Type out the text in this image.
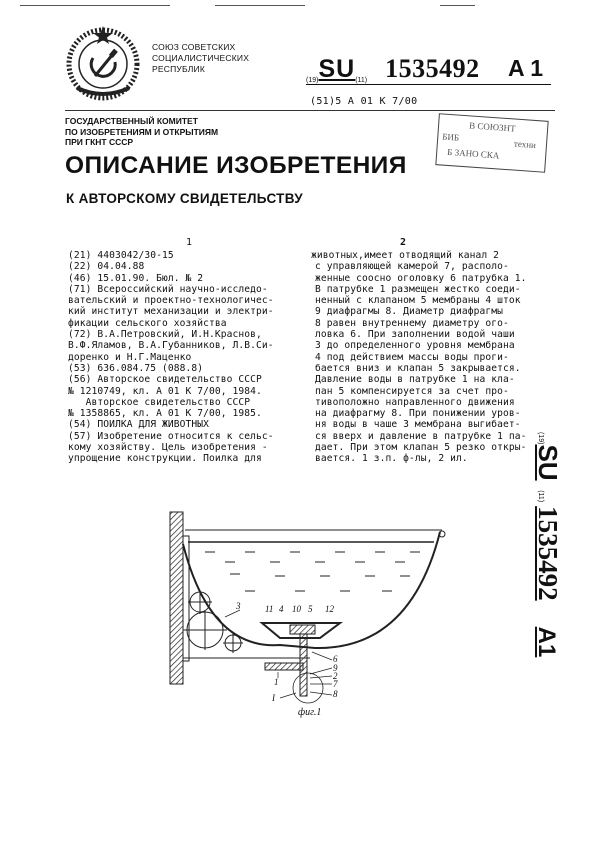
СОЮЗ СОВЕТСКИХ
СОЦИАЛИСТИЧЕСКИХ
РЕСПУБЛИК
(19)SU(11) 1535492 A 1
(51)5 A 01 K 7/00
ГОСУДАРСТВЕННЫЙ КОМИТЕТ
ПО ИЗОБРЕТЕНИЯМ И ОТКРЫТИЯМ
ПРИ ГКНТ СССР
В СОЮЗНТ
БИБ
техни
Б ЗАНО СКА
ОПИСАНИЕ ИЗОБРЕТЕНИЯ
К АВТОРСКОМУ СВИДЕТЕЛЬСТВУ
1	2
(21) 4403042/30-15
(22) 04.04.88
(46) 15.01.90. Бюл. № 2
(71) Всероссийский научно-исследо-
вательский и проектно-технологичес-
кий институт механизации и электри-
фикации сельского хозяйства
(72) В.А.Петровский, И.Н.Краснов,
В.Ф.Яламов, В.А.Губанников, Л.В.Си-
доренко и Н.Г.Маценко
(53) 636.084.75 (088.8)
(56) Авторское свидетельство СССР
№ 1210749, кл. A 01 K 7/00, 1984.
Авторское свидетельство СССР
№ 1358865, кл. A 01 K 7/00, 1985.
(54) ПОИЛКА ДЛЯ ЖИВОТНЫХ
(57) Изобретение относится к сельс-
кому хозяйству. Цель изобретения -
упрощение конструкции. Поилка для
животных,имеет отводящий канал 2
с управляющей камерой 7, располо-
женные соосно оголовку 6 патрубка 1.
В патрубке 1 размещен жестко соеди-
ненный с клапаном 5 мембраны 4 шток
9 диафрагмы 8. Диаметр диафрагмы
8 равен внутреннему диаметру ого-
ловка 6. При заполнении водой чаши
3 до определенного уровня мембрана
4 под действием массы воды проги-
бается вниз и клапан 5 закрывается.
Давление воды в патрубке 1 на кла-
пан 5 компенсируется за счет про-
тивоположно направленного движения
на диафрагму 8. При понижении уров-
ня воды в чаше 3 мембрана выгибает-
ся вверх и давление в патрубке 1 па-
дает. При этом клапан 5 резко откры-
вается. 1 з.п. ф-лы, 2 ил.
(19)SU (11)1535492A1
11 4 10 5 12
3
6
9
2
7
8
1
I
фиг.1
